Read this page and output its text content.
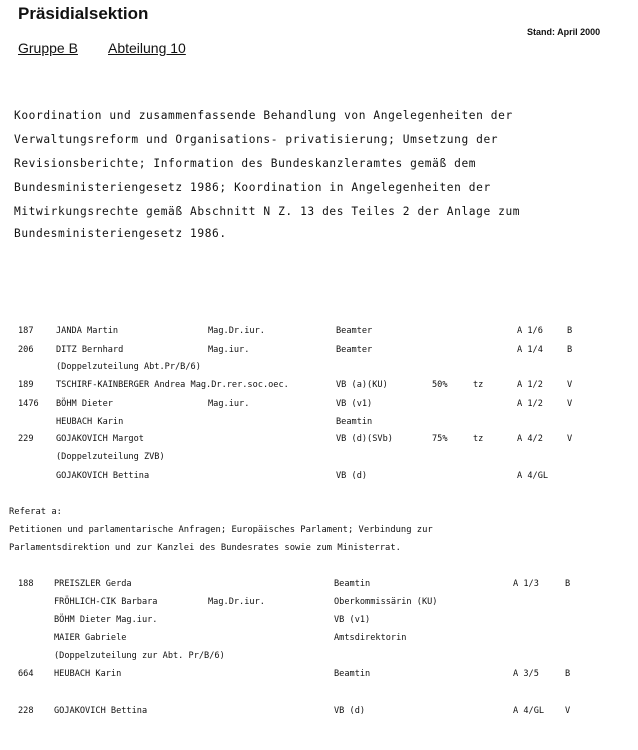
Präsidialsektion
Stand: April 2000
Gruppe B Abteilung 10
Koordination und zusammenfassende Behandlung von Angelegenheiten der
Verwaltungsreform und Organisations- privatisierung; Umsetzung der
Revisionsberichte; Information des Bundeskanzleramtes gemäß dem
Bundesministeriengesetz 1986; Koordination in Angelegenheiten der
Mitwirkungsrechte gemäß Abschnitt N Z. 13 des Teiles 2 der Anlage zum
Bundesministeriengesetz 1986.
187	JANDA Martin	Mag.Dr.iur.	Beamter	A 1/6	B
206	DITZ Bernhard	Mag.iur.	Beamter	A 1/4	B
(Doppelzuteilung Abt.Pr/B/6)
189	TSCHIRF-KAINBERGER Andrea Mag.Dr.rer.soc.oec.	VB (a)(KU)	50%	tz	A 1/2	V
1476 BÖHM Dieter	Mag.iur.	VB (v1)	A 1/2	V
HEUBACH Karin	Beamtin
229	GOJAKOVICH Margot	VB (d)(SVb)	75%	tz	A 4/2	V
(Doppelzuteilung ZVB)
GOJAKOVICH Bettina	VB (d)	A 4/GL
Referat a:
Petitionen und parlamentarische Anfragen; Europäisches Parlament; Verbindung zur
Parlamentsdirektion und zur Kanzlei des Bundesrates sowie zum Ministerrat.
188 PREISZLER Gerda	Beamtin	A 1/3	B
FRÖHLICH-CIK Barbara	Mag.Dr.iur.	Oberkommissärin (KU)
BÖHM Dieter Mag.iur.	VB (v1)
MAIER Gabriele	Amtsdirektorin
(Doppelzuteilung zur Abt. Pr/B/6)
664 HEUBACH Karin	Beamtin	A 3/5	B
228 GOJAKOVICH Bettina	VB (d)	A 4/GL V
